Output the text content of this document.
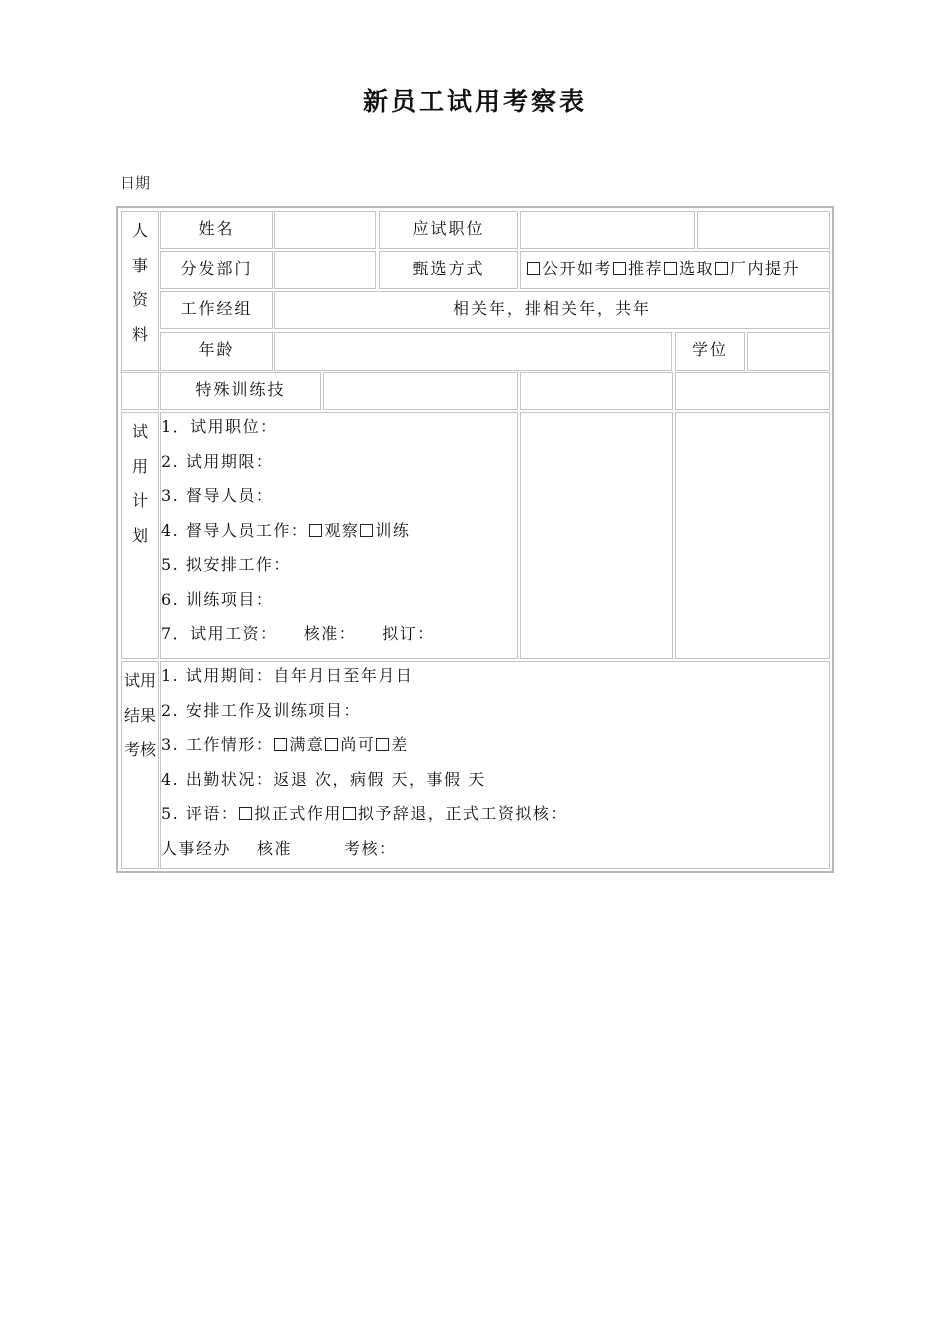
新员工试用考察表
日期
人
事
资
料
姓名	应试职位
分发部门	甄选方式	公开如考 推荐 选取 厂内提升
工作经组	相关年，排相关年，共年
年龄	学位
特殊训练技
试
用
计
划
1．试用职位：
2. 试用期限：
3. 督导人员：
4. 督导人员工作： 观察 训练
5. 拟安排工作：
6. 训练项目：
7．试用工资： 核准： 拟订：
试用
结果
考核
1. 试用期间：自年月日至年月日
2. 安排工作及训练项目：
3. 工作情形： 满意 尚可 差
4. 出勤状况：返退 次，病假 天，事假 天
5. 评语： 拟正式作用 拟予辞退，正式工资拟核：
人事经办 核准	考核：
